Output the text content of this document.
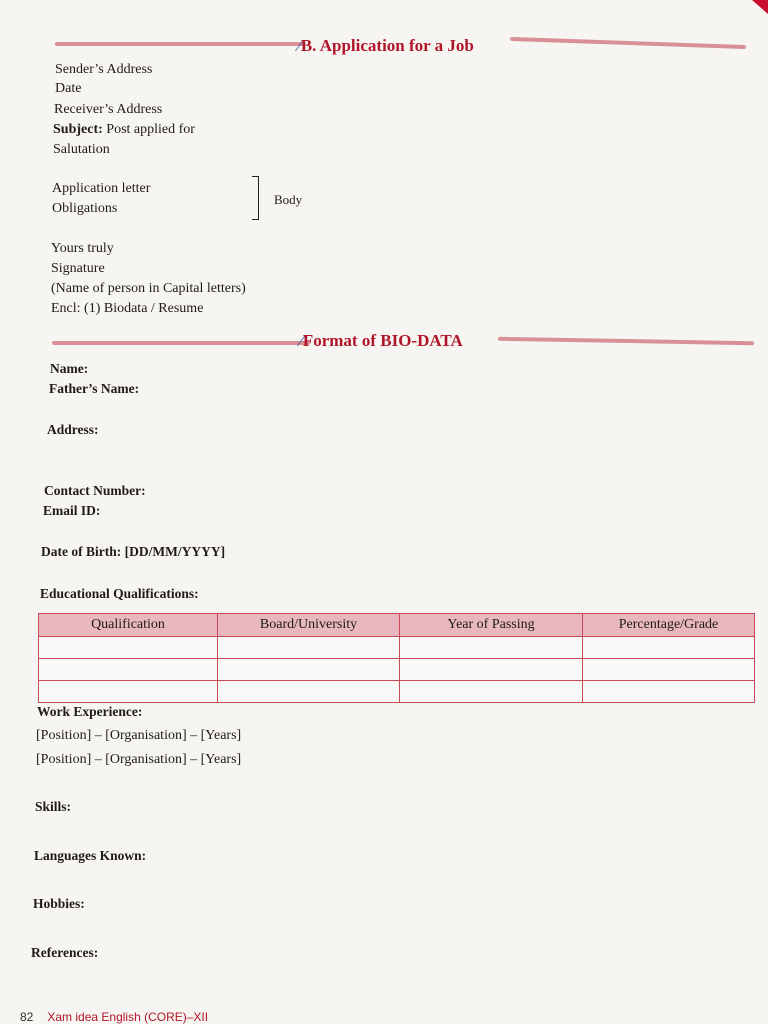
⁄B. Application for a Job
Sender’s Address
Date
Receiver’s Address
Subject: Post applied for
Salutation
Application letter
Obligations
Body
Yours truly
Signature
(Name of person in Capital letters)
Encl: (1) Biodata / Resume
⁄Format of BIO-DATA
Name:
Father’s Name:
Address:
Contact Number:
Email ID:
Date of Birth: [DD/MM/YYYY]
Educational Qualifications:
Qualification	Board/University	Year of Passing	Percentage/Grade

Work Experience:
[Position] – [Organisation] – [Years]
[Position] – [Organisation] – [Years]
Skills:
Languages Known:
Hobbies:
References:
82 Xam idea English (CORE)–XII
